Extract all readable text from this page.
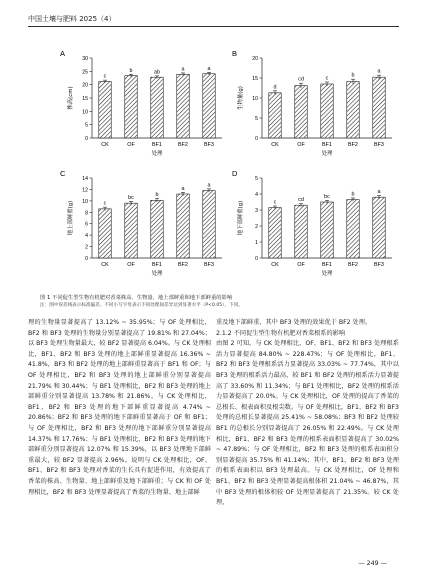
中国土壤与肥料 2025（4）
A
0
5
10
15
20
25
30
株高(cm)
c
CK
b
OF
ab
BF1
a
BF2
a
BF3
处理
B
0
5
10
15
20
生物量(g)	d
CK
cd
OF
c
BF1
b
BF2
a
BF3
处理
C
0
2
4
6
8
10
12
14
地上部鲜重(g)	c
CK
bc
OF
b
BF1
a
BF2
a
BF3
处理
D
0
1
2
3
4
5
地下部鲜重(g)	c
CK
cd
OF
bc
BF1
b
BF2
a
BF3
处理
图 1 不同促生型生物有机肥对香菜株高、生物量、地上部鲜重和地下部鲜重的影响
注：图中误差线表示标准偏差。不同小写字母表示不同处理间差异达到显著水平（P<0.05），下同。

理的生物量显著提高了 13.12% ~ 35.95%；与 OF 处理相比，BF2 和 BF3 处理的生物量分别显著提高了 19.81% 和 27.04%；以 BF3 处理生物量最大，较 BF2 显著提高 6.04%。与 CK 处理相比，BF1、BF2 和 BF3 处理的地上部鲜重显著提高 16.36% ~ 41.8%，BF3 和 BF2 处理的地上部鲜重显著高于 BF1 和 OF；与 OF 处理相比，BF2 和 BF3 处理的地上部鲜重分别显著提高 21.79% 和 30.44%；与 BF1 处理相比，BF2 和 BF3 处理的地上部鲜重分别显著提高 13.78% 和 21.86%。与 CK 处理相比，BF1、BF2 和 BF3 处理的地下部鲜重显著提高 4.74% ~ 20.86%；BF2 和 BF3 处理的地下部鲜重显著高于 OF 和 BF1；与 OF 处理相比，BF2 和 BF3 处理的地下部鲜重分别显著提高 14.37% 和 17.76%；与 BF1 处理相比，BF2 和 BF3 处理的地下部鲜重分别显著提高 12.07% 和 15.39%，以 BF3 处理地下部鲜重最大，较 BF2 显著提高 2.96%。说明与 CK 处理相比，OF、BF1、BF2 和 BF3 处理对香菜的生长具有促进作用，有效提高了香菜的株高、生物量、地上部鲜重及地下部鲜重；与 CK 和 OF 处理相比，BF2 和 BF3 处理显著提高了香菜的生物量、地上部鲜

重及地下部鲜重，其中 BF3 处理的效果优于 BF2 处理。

2.1.2 不同促生型生物有机肥对香菜根系的影响

由图 2 可知，与 CK 处理相比，OF、BF1、BF2 和 BF3 处理根系活力显著提高 84.80% ~ 228.47%；与 OF 处理相比，BF1、BF2 和 BF3 处理根系活力显著提高 33.03% ~ 77.74%，其中以 BF3 处理的根系活力最高，较 BF1 和 BF2 处理的根系活力显著提高了 33.60% 和 11.34%；与 BF1 处理相比，BF2 处理的根系活力显著提高了 20.0%。与 CK 处理相比，OF 处理的提高了香菜的总根长、根表面积及根尖数。与 OF 处理相比，BF1、BF2 和 BF3 处理的总根长显著提高 25.41% ~ 58.08%；BF3 和 BF2 处理较 BF1 的总根长分别显著提高了 26.05% 和 22.49%。与 CK 处理相比，BF1、BF2 和 BF3 处理的根系表面积显著提高了 30.02% ~ 47.89%；与 OF 处理相比，BF2 和 BF3 处理的根系表面积分别显著提高 35.75% 和 41.14%；其中，BF1、BF2 和 BF3 处理的根系表面积以 BF3 处理最高。与 CK 处理相比，OF 处理和 BF1、BF2 和 BF3 处理显著提高根体积 21.04% ~ 46.87%，其中 BF3 处理的根体积较 OF 处理显著提高了 21.35%。较 CK 处理，

— 249 —
